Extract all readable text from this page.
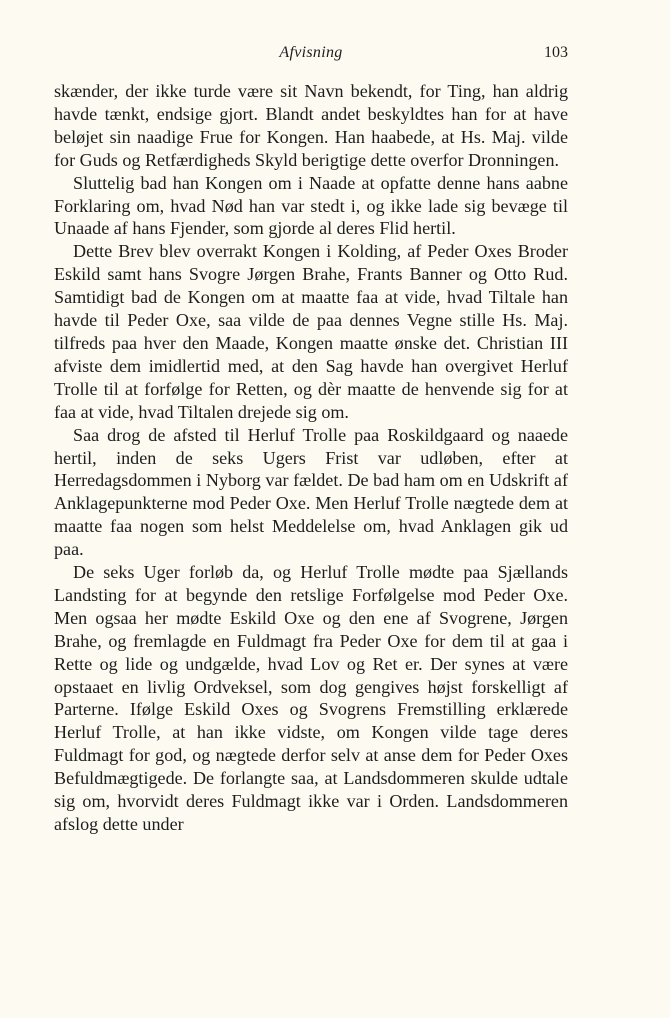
Afvisning	103

skænder, der ikke turde være sit Navn bekendt, for Ting, han aldrig havde tænkt, endsige gjort. Blandt andet beskyldtes han for at have beløjet sin naadige Frue for Kongen. Han haabede, at Hs. Maj. vilde for Guds og Retfærdigheds Skyld berigtige dette overfor Dronningen.

Sluttelig bad han Kongen om i Naade at opfatte denne hans aabne Forklaring om, hvad Nød han var stedt i, og ikke lade sig bevæge til Unaade af hans Fjender, som gjorde al deres Flid hertil.

Dette Brev blev overrakt Kongen i Kolding, af Peder Oxes Broder Eskild samt hans Svogre Jørgen Brahe, Frants Banner og Otto Rud. Samtidigt bad de Kongen om at maatte faa at vide, hvad Tiltale han havde til Peder Oxe, saa vilde de paa dennes Vegne stille Hs. Maj. tilfreds paa hver den Maade, Kongen maatte ønske det. Christian III afviste dem imidlertid med, at den Sag havde han overgivet Herluf Trolle til at forfølge for Retten, og dèr maatte de henvende sig for at faa at vide, hvad Tiltalen drejede sig om.

Saa drog de afsted til Herluf Trolle paa Roskildgaard og naaede hertil, inden de seks Ugers Frist var udløben, efter at Herredagsdommen i Nyborg var fældet. De bad ham om en Udskrift af Anklagepunkterne mod Peder Oxe. Men Herluf Trolle nægtede dem at maatte faa nogen som helst Meddelelse om, hvad Anklagen gik ud paa.

De seks Uger forløb da, og Herluf Trolle mødte paa Sjællands Landsting for at begynde den retslige Forfølgelse mod Peder Oxe. Men ogsaa her mødte Eskild Oxe og den ene af Svogrene, Jørgen Brahe, og fremlagde en Fuldmagt fra Peder Oxe for dem til at gaa i Rette og lide og undgælde, hvad Lov og Ret er. Der synes at være opstaaet en livlig Ordveksel, som dog gengives højst forskelligt af Parterne. Ifølge Eskild Oxes og Svogrens Fremstilling erklærede Herluf Trolle, at han ikke vidste, om Kongen vilde tage deres Fuldmagt for god, og nægtede derfor selv at anse dem for Peder Oxes Befuldmægtigede. De forlangte saa, at Landsdommeren skulde udtale sig om, hvorvidt deres Fuldmagt ikke var i Orden. Landsdommeren afslog dette under
